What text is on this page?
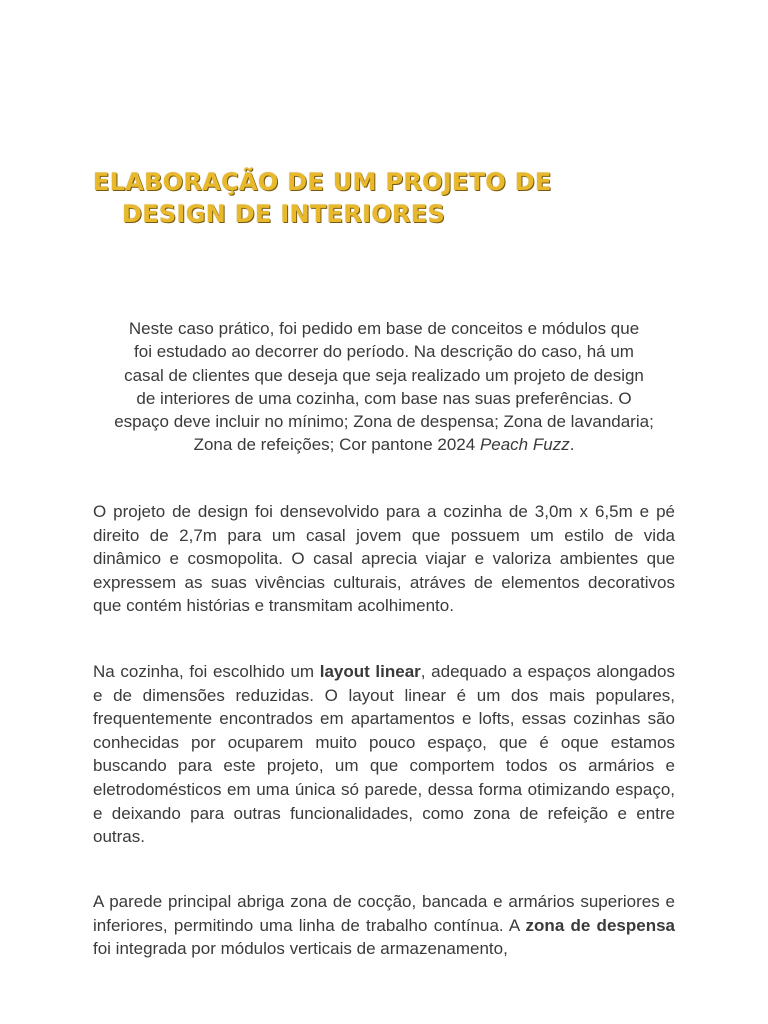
ELABORAÇÃO DE UM PROJETO DE

DESIGN DE INTERIORES

Neste caso prático, foi pedido em base de conceitos e módulos que
foi estudado ao decorrer do período. Na descrição do caso, há um
casal de clientes que deseja que seja realizado um projeto de design
de interiores de uma cozinha, com base nas suas preferências. O
espaço deve incluir no mínimo; Zona de despensa; Zona de lavandaria;
Zona de refeições; Cor pantone 2024 Peach Fuzz.

O projeto de design foi densevolvido para a cozinha de 3,0m x 6,5m e pé direito de 2,7m para um casal jovem que possuem um estilo de vida dinâmico e cosmopolita. O casal aprecia viajar e valoriza ambientes que expressem as suas vivências culturais, atráves de elementos decorativos que contém histórias e transmitam acolhimento.

Na cozinha, foi escolhido um layout linear, adequado a espaços alongados e de dimensões reduzidas. O layout linear é um dos mais populares, frequentemente encontrados em apartamentos e lofts, essas cozinhas são conhecidas por ocuparem muito pouco espaço, que é oque estamos buscando para este projeto, um que comportem todos os armários e eletrodomésticos em uma única só parede, dessa forma otimizando espaço, e deixando para outras funcionalidades, como zona de refeição e entre outras.

A parede principal abriga zona de cocção, bancada e armários superiores e inferiores, permitindo uma linha de trabalho contínua. A zona de despensa foi integrada por módulos verticais de armazenamento,
